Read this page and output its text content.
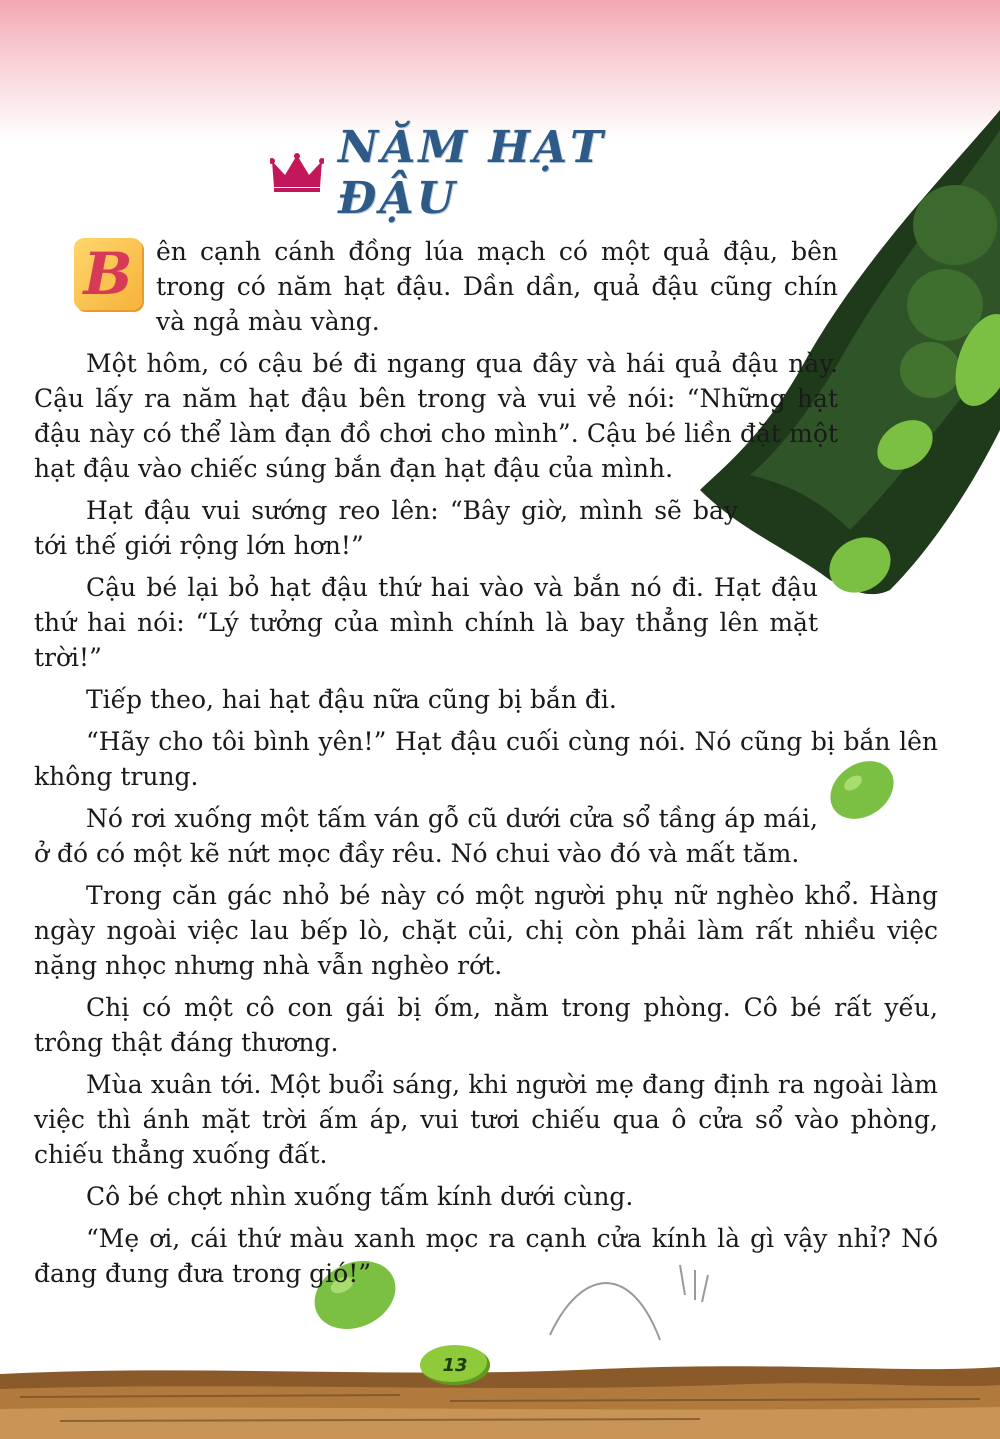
NĂM HẠT ĐẬU

B ên cạnh cánh đồng lúa mạch có một quả đậu, bên trong có năm hạt đậu. Dần dần, quả đậu cũng chín và ngả màu vàng.

Một hôm, có cậu bé đi ngang qua đây và hái quả đậu này. Cậu lấy ra năm hạt đậu bên trong và vui vẻ nói: “Những hạt đậu này có thể làm đạn đồ chơi cho mình”. Cậu bé liền đặt một hạt đậu vào chiếc súng bắn đạn hạt đậu của mình.

Hạt đậu vui sướng reo lên: “Bây giờ, mình sẽ bay tới thế giới rộng lớn hơn!”

Cậu bé lại bỏ hạt đậu thứ hai vào và bắn nó đi. Hạt đậu thứ hai nói: “Lý tưởng của mình chính là bay thẳng lên mặt trời!”

Tiếp theo, hai hạt đậu nữa cũng bị bắn đi.

“Hãy cho tôi bình yên!” Hạt đậu cuối cùng nói. Nó cũng bị bắn lên không trung.

Nó rơi xuống một tấm ván gỗ cũ dưới cửa sổ tầng áp mái, ở đó có một kẽ nứt mọc đầy rêu. Nó chui vào đó và mất tăm.

Trong căn gác nhỏ bé này có một người phụ nữ nghèo khổ. Hàng ngày ngoài việc lau bếp lò, chặt củi, chị còn phải làm rất nhiều việc nặng nhọc nhưng nhà vẫn nghèo rớt.

Chị có một cô con gái bị ốm, nằm trong phòng. Cô bé rất yếu, trông thật đáng thương.

Mùa xuân tới. Một buổi sáng, khi người mẹ đang định ra ngoài làm việc thì ánh mặt trời ấm áp, vui tươi chiếu qua ô cửa sổ vào phòng, chiếu thẳng xuống đất.

Cô bé chợt nhìn xuống tấm kính dưới cùng.

“Mẹ ơi, cái thứ màu xanh mọc ra cạnh cửa kính là gì vậy nhỉ? Nó đang đung đưa trong gió!”

13
